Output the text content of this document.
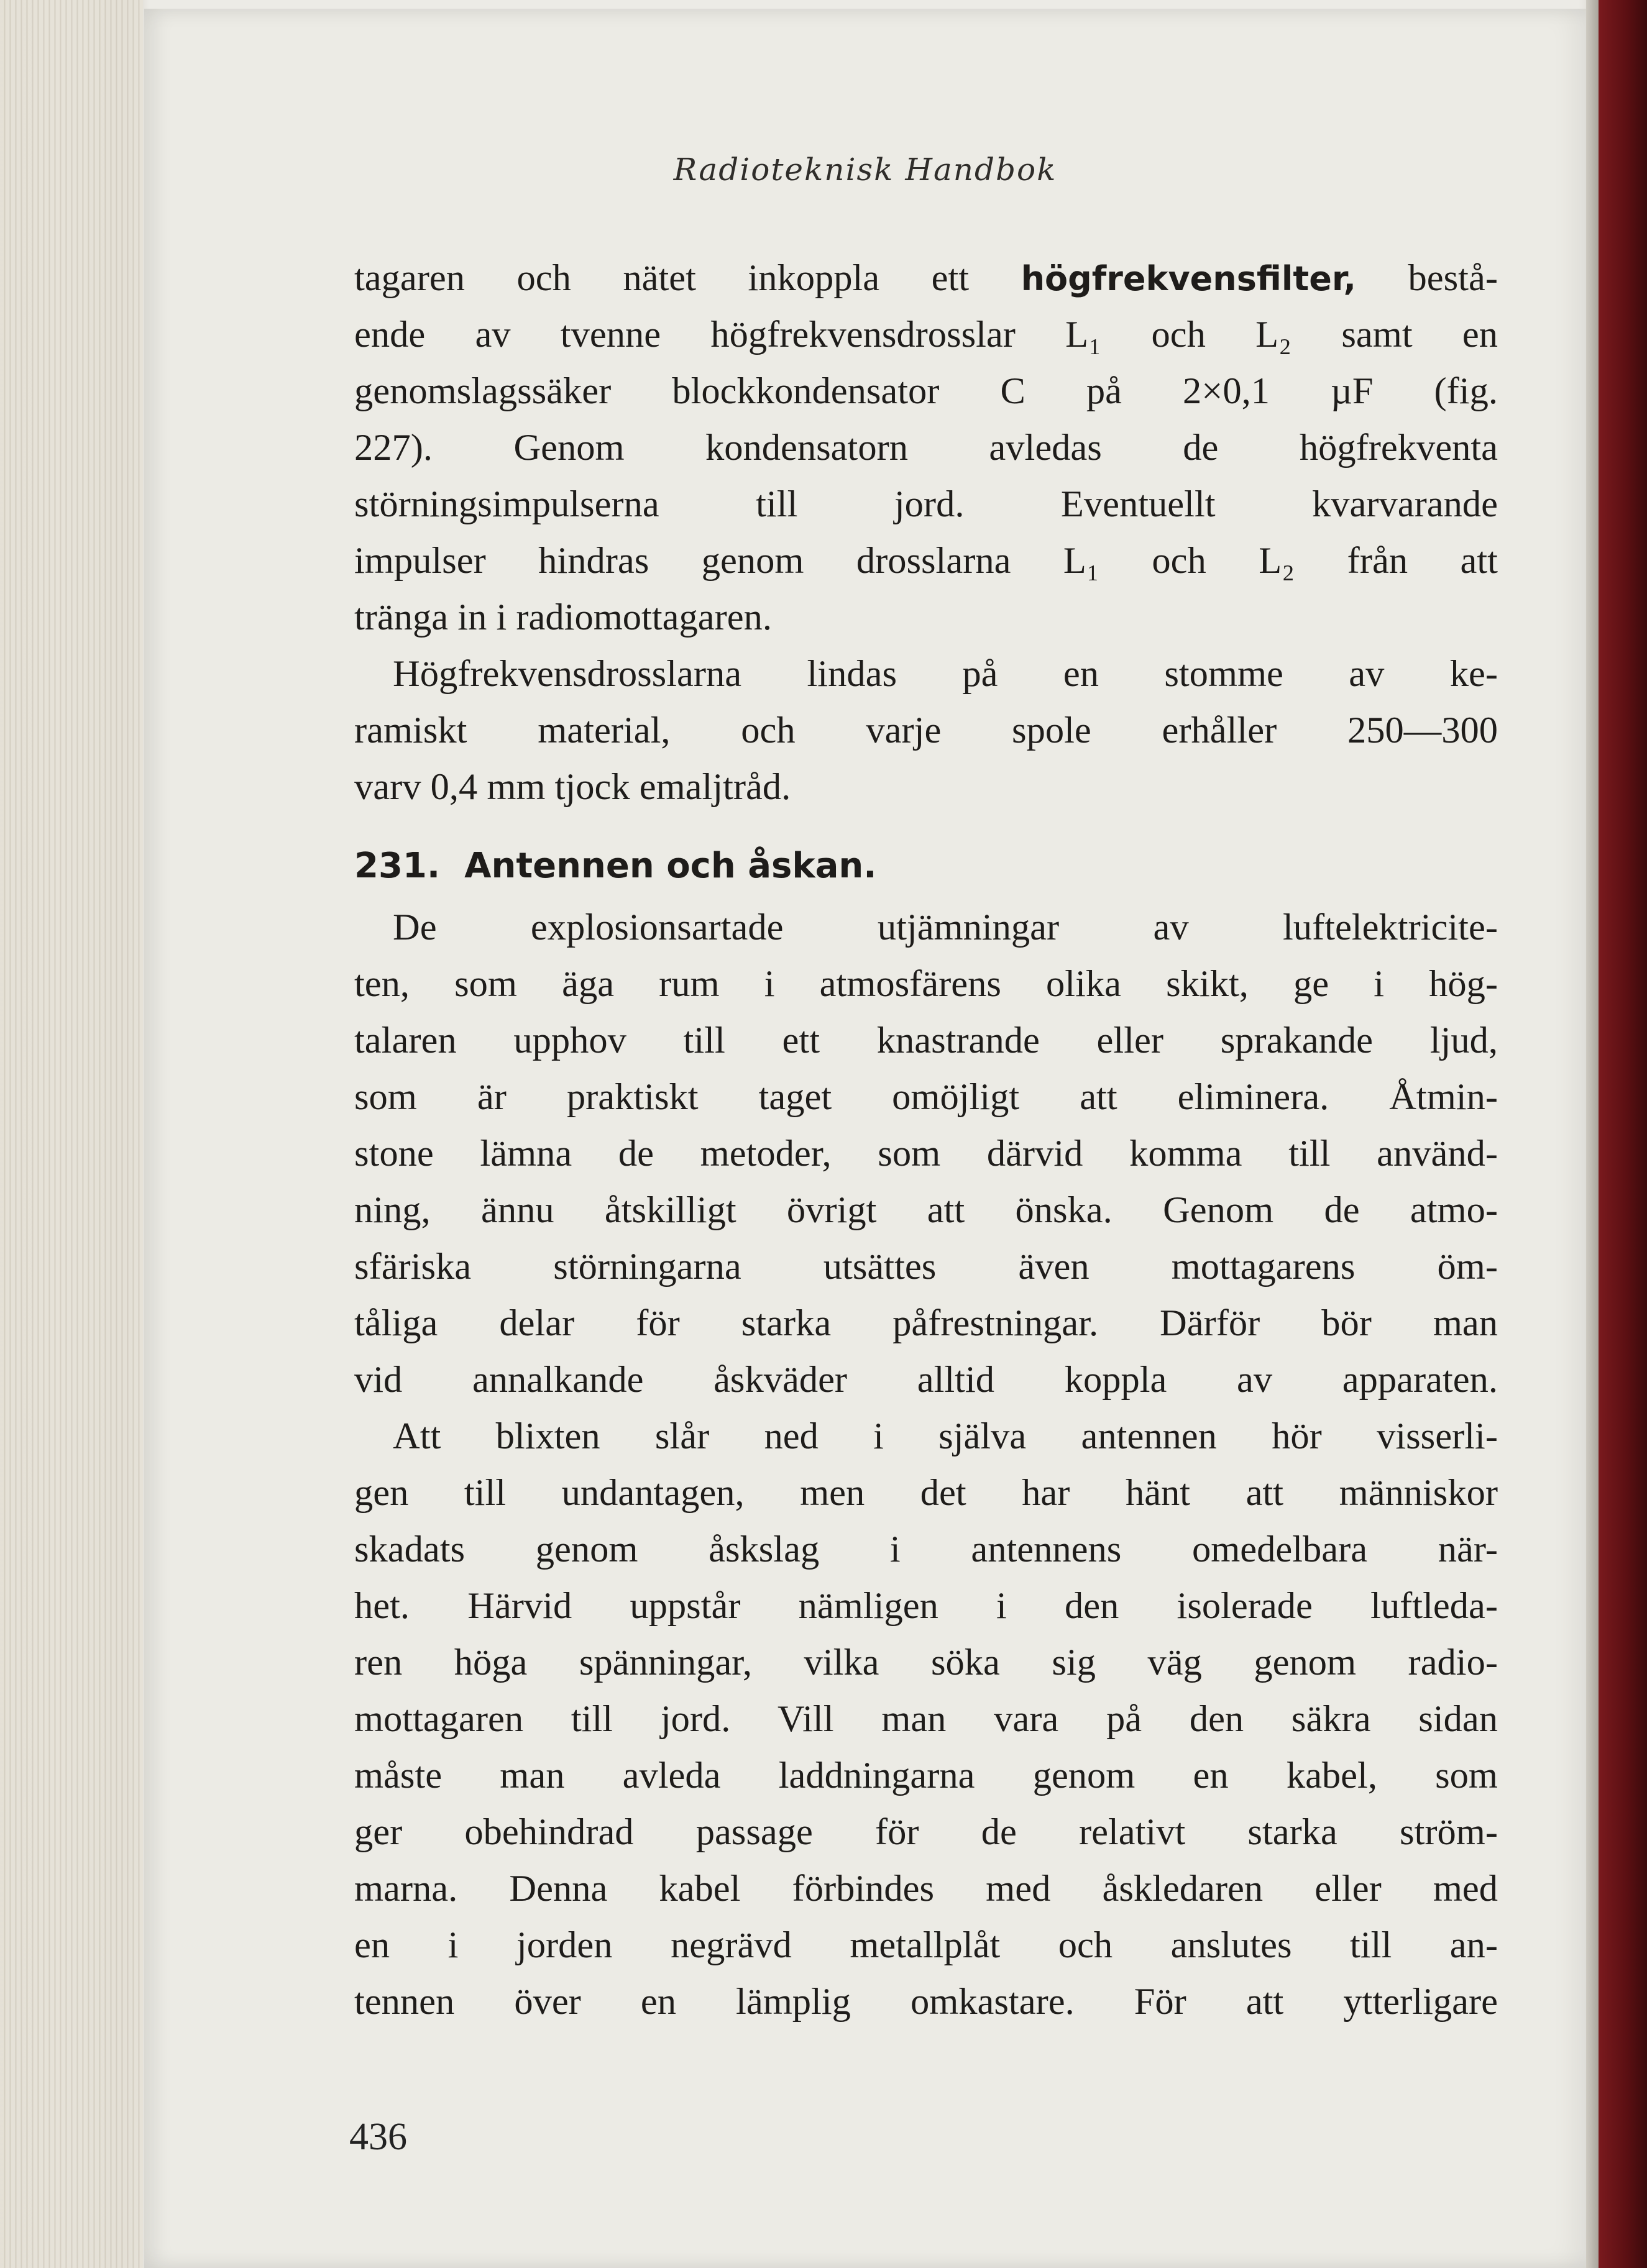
Radioteknisk Handbok
tagaren och nätet inkoppla ett högfrekvensfilter, bestå-
ende av tvenne högfrekvensdrosslar L₁ och L₂ samt en
genomslagssäker blockkondensator C på 2×0,1 µF (fig.
227). Genom kondensatorn avledas de högfrekventa
störningsimpulserna till jord. Eventuellt kvarvarande
impulser hindras genom drosslarna L₁ och L₂ från att
tränga in i radiomottagaren.
Högfrekvensdrosslarna lindas på en stomme av ke-
ramiskt material, och varje spole erhåller 250—300
varv 0,4 mm tjock emaljtråd.
231. Antennen och åskan.
De explosionsartade utjämningar av luftelektricite-
ten, som äga rum i atmosfärens olika skikt, ge i hög-
talaren upphov till ett knastrande eller sprakande ljud,
som är praktiskt taget omöjligt att eliminera. Åtmin-
stone lämna de metoder, som därvid komma till använd-
ning, ännu åtskilligt övrigt att önska. Genom de atmo-
sfäriska störningarna utsättes även mottagarens öm-
tåliga delar för starka påfrestningar. Därför bör man
vid annalkande åskväder alltid koppla av apparaten.
Att blixten slår ned i själva antennen hör visserli-
gen till undantagen, men det har hänt att människor
skadats genom åskslag i antennens omedelbara när-
het. Härvid uppstår nämligen i den isolerade luftleda-
ren höga spänningar, vilka söka sig väg genom radio-
mottagaren till jord. Vill man vara på den säkra sidan
måste man avleda laddningarna genom en kabel, som
ger obehindrad passage för de relativt starka ström-
marna. Denna kabel förbindes med åskledaren eller med
en i jorden negrävd metallplåt och anslutes till an-
tennen över en lämplig omkastare. För att ytterligare
436
